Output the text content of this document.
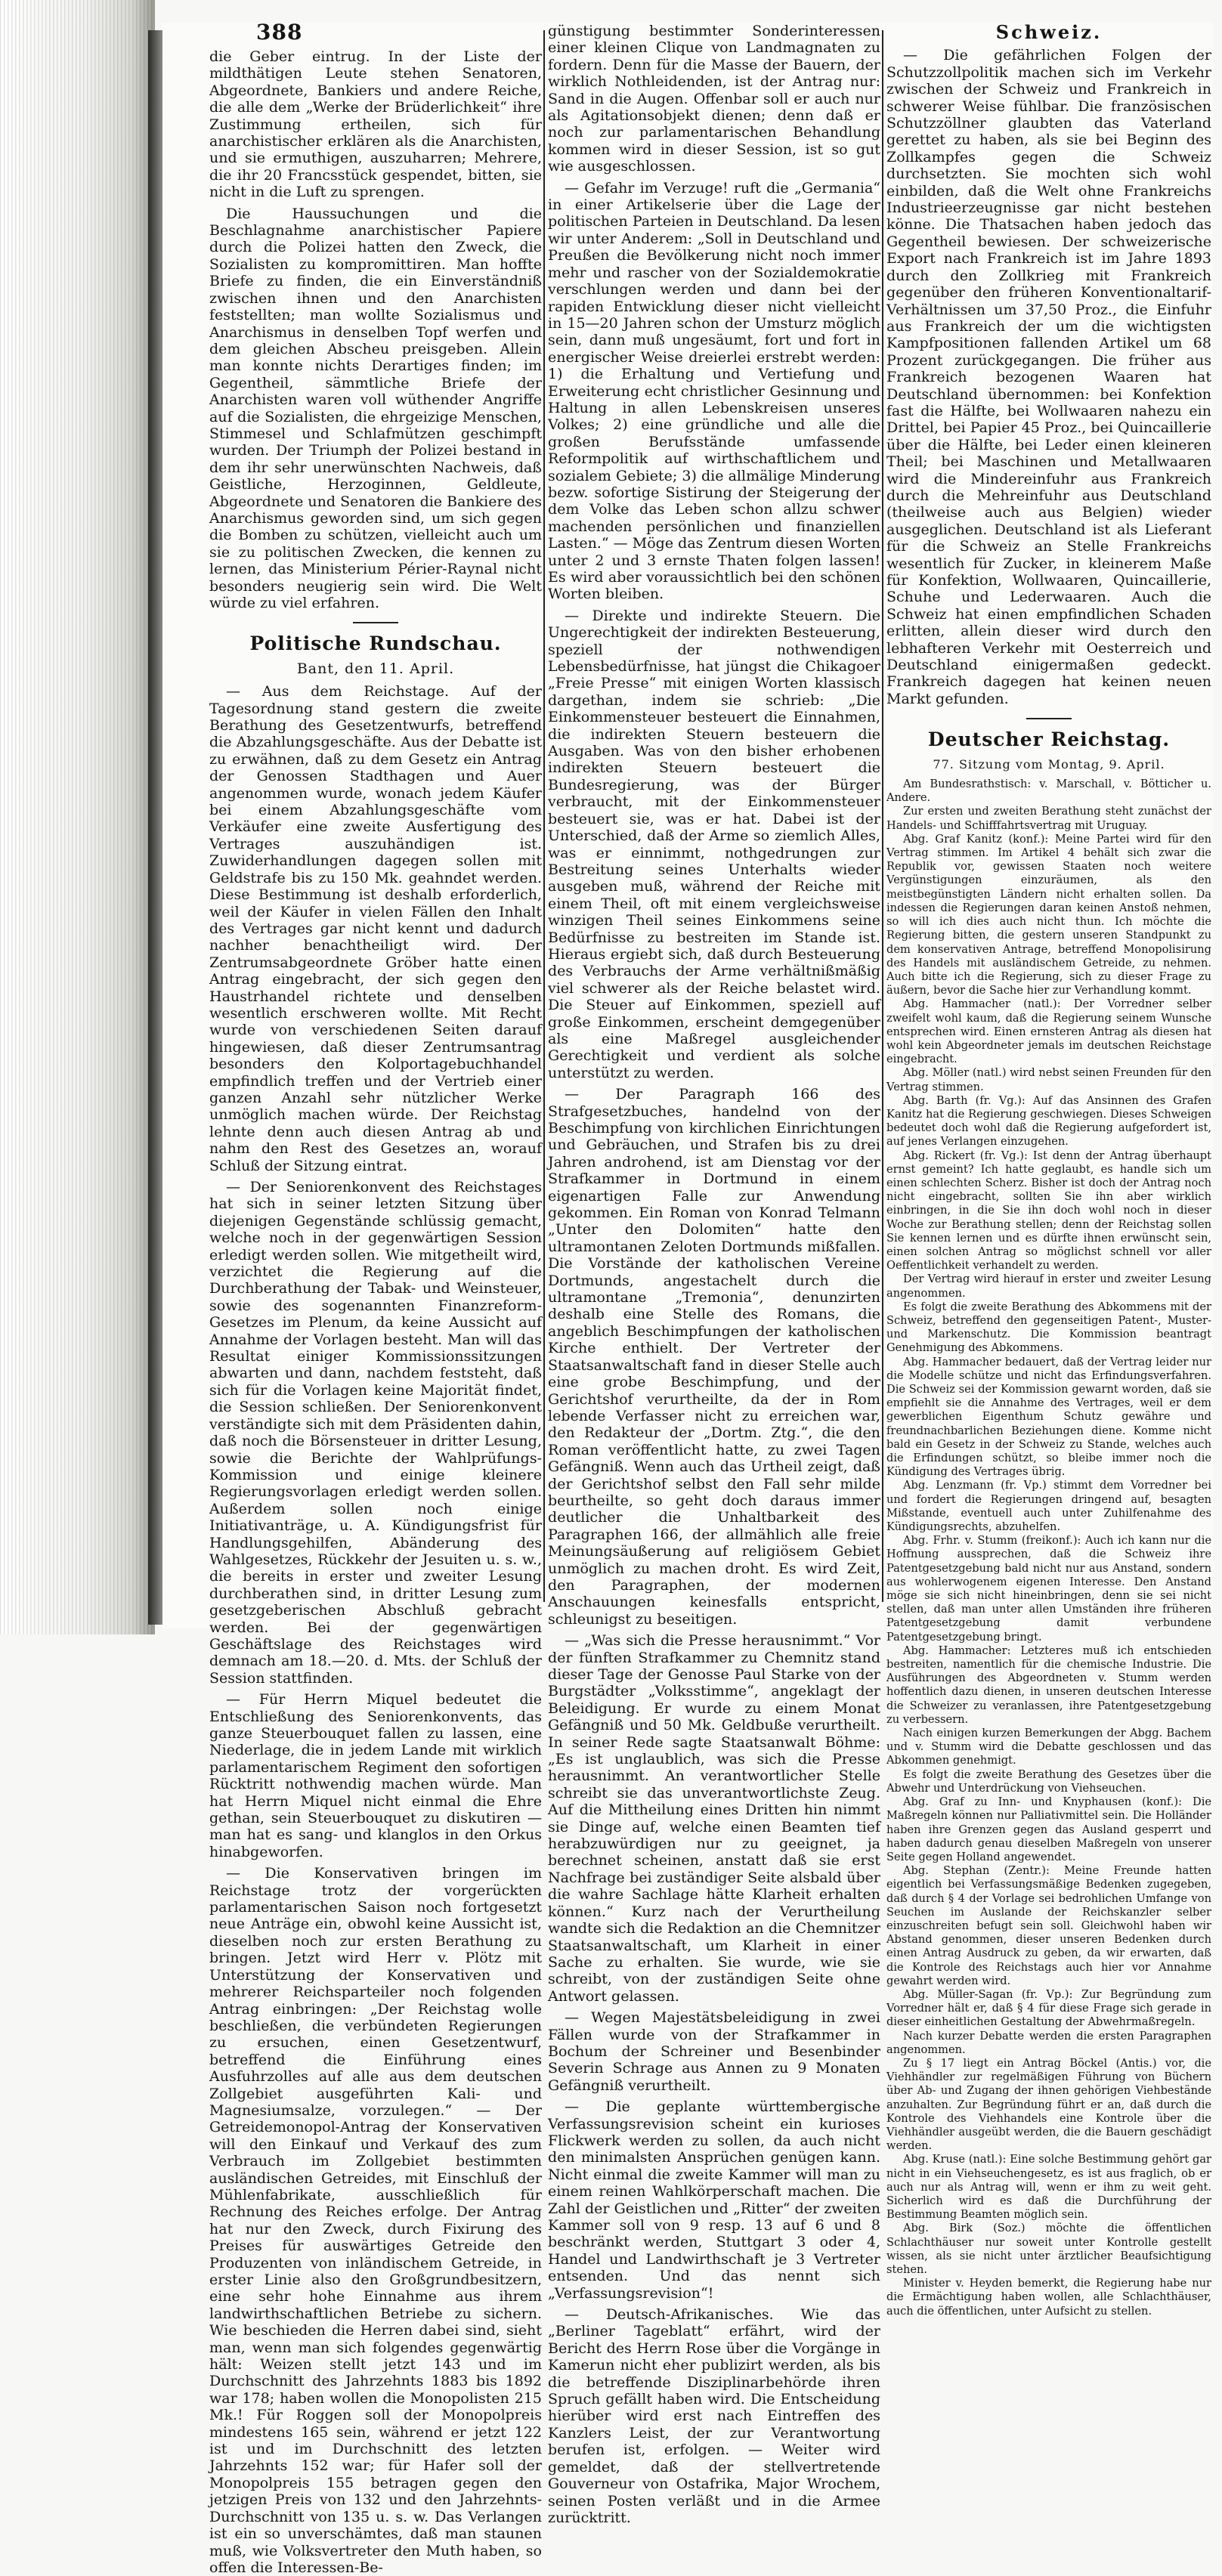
388

die Geber eintrug. In der Liste der mildthätigen Leute stehen Senatoren, Abgeordnete, Bankiers und andere Reiche, die alle dem „Werke der Brüderlichkeit“ ihre Zustimmung ertheilen, sich für anarchistischer erklären als die Anarchisten, und sie ermuthigen, auszuharren; Mehrere, die ihr 20 Francsstück gespendet, bitten, sie nicht in die Luft zu sprengen.

Die Haussuchungen und die Beschlagnahme anarchistischer Papiere durch die Polizei hatten den Zweck, die Sozialisten zu kompromittiren. Man hoffte Briefe zu finden, die ein Einverständniß zwischen ihnen und den Anarchisten feststellten; man wollte Sozialismus und Anarchismus in denselben Topf werfen und dem gleichen Abscheu preisgeben. Allein man konnte nichts Derartiges finden; im Gegentheil, sämmtliche Briefe der Anarchisten waren voll wüthender Angriffe auf die Sozialisten, die ehrgeizige Menschen, Stimmesel und Schlafmützen geschimpft wurden. Der Triumph der Polizei bestand in dem ihr sehr unerwünschten Nachweis, daß Geistliche, Herzoginnen, Geldleute, Abgeordnete und Senatoren die Bankiere des Anarchismus geworden sind, um sich gegen die Bomben zu schützen, vielleicht auch um sie zu politischen Zwecken, die kennen zu lernen, das Ministerium Périer-Raynal nicht besonders neugierig sein wird. Die Welt würde zu viel erfahren.

Politische Rundschau.
Bant, den 11. April.

— Aus dem Reichstage. Auf der Tagesordnung stand gestern die zweite Berathung des Gesetzentwurfs, betreffend die Abzahlungsgeschäfte. Aus der Debatte ist zu erwähnen, daß zu dem Gesetz ein Antrag der Genossen Stadthagen und Auer angenommen wurde, wonach jedem Käufer bei einem Abzahlungsgeschäfte vom Verkäufer eine zweite Ausfertigung des Vertrages auszuhändigen ist. Zuwiderhandlungen dagegen sollen mit Geldstrafe bis zu 150 Mk. geahndet werden. Diese Bestimmung ist deshalb erforderlich, weil der Käufer in vielen Fällen den Inhalt des Vertrages gar nicht kennt und dadurch nachher benachtheiligt wird. Der Zentrumsabgeordnete Gröber hatte einen Antrag eingebracht, der sich gegen den Haustrhandel richtete und denselben wesentlich erschweren wollte. Mit Recht wurde von verschiedenen Seiten darauf hingewiesen, daß dieser Zentrumsantrag besonders den Kolportagebuchhandel empfindlich treffen und der Vertrieb einer ganzen Anzahl sehr nützlicher Werke unmöglich machen würde. Der Reichstag lehnte denn auch diesen Antrag ab und nahm den Rest des Gesetzes an, worauf Schluß der Sitzung eintrat.

— Der Seniorenkonvent des Reichstages hat sich in seiner letzten Sitzung über diejenigen Gegenstände schlüssig gemacht, welche noch in der gegenwärtigen Session erledigt werden sollen. Wie mitgetheilt wird, verzichtet die Regierung auf die Durchberathung der Tabak- und Weinsteuer, sowie des sogenannten Finanzreform-Gesetzes im Plenum, da keine Aussicht auf Annahme der Vorlagen besteht. Man will das Resultat einiger Kommissionssitzungen abwarten und dann, nachdem feststeht, daß sich für die Vorlagen keine Majorität findet, die Session schließen. Der Seniorenkonvent verständigte sich mit dem Präsidenten dahin, daß noch die Börsensteuer in dritter Lesung, sowie die Berichte der Wahlprüfungs-Kommission und einige kleinere Regierungsvorlagen erledigt werden sollen. Außerdem sollen noch einige Initiativanträge, u. A. Kündigungsfrist für Handlungsgehilfen, Abänderung des Wahlgesetzes, Rückkehr der Jesuiten u. s. w., die bereits in erster und zweiter Lesung durchberathen sind, in dritter Lesung zum gesetzgeberischen Abschluß gebracht werden. Bei der gegenwärtigen Geschäftslage des Reichstages wird demnach am 18.—20. d. Mts. der Schluß der Session stattfinden.

— Für Herrn Miquel bedeutet die Entschließung des Seniorenkonvents, das ganze Steuerbouquet fallen zu lassen, eine Niederlage, die in jedem Lande mit wirklich parlamentarischem Regiment den sofortigen Rücktritt nothwendig machen würde. Man hat Herrn Miquel nicht einmal die Ehre gethan, sein Steuerbouquet zu diskutiren — man hat es sang- und klanglos in den Orkus hinabgeworfen.

— Die Konservativen bringen im Reichstage trotz der vorgerückten parlamentarischen Saison noch fortgesetzt neue Anträge ein, obwohl keine Aussicht ist, dieselben noch zur ersten Berathung zu bringen. Jetzt wird Herr v. Plötz mit Unterstützung der Konservativen und mehrerer Reichsparteiler noch folgenden Antrag einbringen: „Der Reichstag wolle beschließen, die verbündeten Regierungen zu ersuchen, einen Gesetzentwurf, betreffend die Einführung eines Ausfuhrzolles auf alle aus dem deutschen Zollgebiet ausgeführten Kali- und Magnesiumsalze, vorzulegen.“ — Der Getreidemonopol-Antrag der Konservativen will den Einkauf und Verkauf des zum Verbrauch im Zollgebiet bestimmten ausländischen Getreides, mit Einschluß der Mühlenfabrikate, ausschließlich für Rechnung des Reiches erfolge. Der Antrag hat nur den Zweck, durch Fixirung des Preises für auswärtiges Getreide den Produzenten von inländischem Getreide, in erster Linie also den Großgrundbesitzern, eine sehr hohe Einnahme aus ihrem landwirthschaftlichen Betriebe zu sichern. Wie beschieden die Herren dabei sind, sieht man, wenn man sich folgendes gegenwärtig hält: Weizen stellt jetzt 143 und im Durchschnitt des Jahrzehnts 1883 bis 1892 war 178; haben wollen die Monopolisten 215 Mk.! Für Roggen soll der Monopolpreis mindestens 165 sein, während er jetzt 122 ist und im Durchschnitt des letzten Jahrzehnts 152 war; für Hafer soll der Monopolpreis 155 betragen gegen den jetzigen Preis von 132 und den Jahrzehnts-Durchschnitt von 135 u. s. w. Das Verlangen ist ein so unverschämtes, daß man staunen muß, wie Volksvertreter den Muth haben, so offen die Interessen-Be-

günstigung bestimmter Sonderinteressen einer kleinen Clique von Landmagnaten zu fordern. Denn für die Masse der Bauern, der wirklich Nothleidenden, ist der Antrag nur: Sand in die Augen. Offenbar soll er auch nur als Agitationsobjekt dienen; denn daß er noch zur parlamentarischen Behandlung kommen wird in dieser Session, ist so gut wie ausgeschlossen.

— Gefahr im Verzuge! ruft die „Germania“ in einer Artikelserie über die Lage der politischen Parteien in Deutschland. Da lesen wir unter Anderem: „Soll in Deutschland und Preußen die Bevölkerung nicht noch immer mehr und rascher von der Sozialdemokratie verschlungen werden und dann bei der rapiden Entwicklung dieser nicht vielleicht in 15—20 Jahren schon der Umsturz möglich sein, dann muß ungesäumt, fort und fort in energischer Weise dreierlei erstrebt werden: 1) die Erhaltung und Vertiefung und Erweiterung echt christlicher Gesinnung und Haltung in allen Lebenskreisen unseres Volkes; 2) eine gründliche und alle die großen Berufsstände umfassende Reformpolitik auf wirthschaftlichem und sozialem Gebiete; 3) die allmälige Minderung bezw. sofortige Sistirung der Steigerung der dem Volke das Leben schon allzu schwer machenden persönlichen und finanziellen Lasten.“ — Möge das Zentrum diesen Worten unter 2 und 3 ernste Thaten folgen lassen! Es wird aber voraussichtlich bei den schönen Worten bleiben.

— Direkte und indirekte Steuern. Die Ungerechtigkeit der indirekten Besteuerung, speziell der nothwendigen Lebensbedürfnisse, hat jüngst die Chikagoer „Freie Presse“ mit einigen Worten klassisch dargethan, indem sie schrieb: „Die Einkommensteuer besteuert die Einnahmen, die indirekten Steuern besteuern die Ausgaben. Was von den bisher erhobenen indirekten Steuern besteuert die Bundesregierung, was der Bürger verbraucht, mit der Einkommensteuer besteuert sie, was er hat. Dabei ist der Unterschied, daß der Arme so ziemlich Alles, was er einnimmt, nothgedrungen zur Bestreitung seines Unterhalts wieder ausgeben muß, während der Reiche mit einem Theil, oft mit einem vergleichsweise winzigen Theil seines Einkommens seine Bedürfnisse zu bestreiten im Stande ist. Hieraus ergiebt sich, daß durch Besteuerung des Verbrauchs der Arme verhältnißmäßig viel schwerer als der Reiche belastet wird. Die Steuer auf Einkommen, speziell auf große Einkommen, erscheint demgegenüber als eine Maßregel ausgleichender Gerechtigkeit und verdient als solche unterstützt zu werden.

— Der Paragraph 166 des Strafgesetzbuches, handelnd von der Beschimpfung von kirchlichen Einrichtungen und Gebräuchen, und Strafen bis zu drei Jahren androhend, ist am Dienstag vor der Strafkammer in Dortmund in einem eigenartigen Falle zur Anwendung gekommen. Ein Roman von Konrad Telmann „Unter den Dolomiten“ hatte den ultramontanen Zeloten Dortmunds mißfallen. Die Vorstände der katholischen Vereine Dortmunds, angestachelt durch die ultramontane „Tremonia“, denunzirten deshalb eine Stelle des Romans, die angeblich Beschimpfungen der katholischen Kirche enthielt. Der Vertreter der Staatsanwaltschaft fand in dieser Stelle auch eine grobe Beschimpfung, und der Gerichtshof verurtheilte, da der in Rom lebende Verfasser nicht zu erreichen war, den Redakteur der „Dortm. Ztg.“, die den Roman veröffentlicht hatte, zu zwei Tagen Gefängniß. Wenn auch das Urtheil zeigt, daß der Gerichtshof selbst den Fall sehr milde beurtheilte, so geht doch daraus immer deutlicher die Unhaltbarkeit des Paragraphen 166, der allmählich alle freie Meinungsäußerung auf religiösem Gebiet unmöglich zu machen droht. Es wird Zeit, den Paragraphen, der modernen Anschauungen keinesfalls entspricht, schleunigst zu beseitigen.

— „Was sich die Presse herausnimmt.“ Vor der fünften Strafkammer zu Chemnitz stand dieser Tage der Genosse Paul Starke von der Burgstädter „Volksstimme“, angeklagt der Beleidigung. Er wurde zu einem Monat Gefängniß und 50 Mk. Geldbuße verurtheilt. In seiner Rede sagte Staatsanwalt Böhme: „Es ist unglaublich, was sich die Presse herausnimmt. An verantwortlicher Stelle schreibt sie das unverantwortlichste Zeug. Auf die Mittheilung eines Dritten hin nimmt sie Dinge auf, welche einen Beamten tief herabzuwürdigen nur zu geeignet, ja berechnet scheinen, anstatt daß sie erst Nachfrage bei zuständiger Seite alsbald über die wahre Sachlage hätte Klarheit erhalten können.“ Kurz nach der Verurtheilung wandte sich die Redaktion an die Chemnitzer Staatsanwaltschaft, um Klarheit in einer Sache zu erhalten. Sie wurde, wie sie schreibt, von der zuständigen Seite ohne Antwort gelassen.

— Wegen Majestätsbeleidigung in zwei Fällen wurde von der Strafkammer in Bochum der Schreiner und Besenbinder Severin Schrage aus Annen zu 9 Monaten Gefängniß verurtheilt.

— Die geplante württembergische Verfassungsrevision scheint ein kurioses Flickwerk werden zu sollen, da auch nicht den minimalsten Ansprüchen genügen kann. Nicht einmal die zweite Kammer will man zu einem reinen Wahlkörperschaft machen. Die Zahl der Geistlichen und „Ritter“ der zweiten Kammer soll von 9 resp. 13 auf 6 und 8 beschränkt werden, Stuttgart 3 oder 4, Handel und Landwirthschaft je 3 Vertreter entsenden. Und das nennt sich „Verfassungsrevision“!

— Deutsch-Afrikanisches. Wie das „Berliner Tageblatt“ erfährt, wird der Bericht des Herrn Rose über die Vorgänge in Kamerun nicht eher publizirt werden, als bis die betreffende Disziplinarbehörde ihren Spruch gefällt haben wird. Die Entscheidung hierüber wird erst nach Eintreffen des Kanzlers Leist, der zur Verantwortung berufen ist, erfolgen. — Weiter wird gemeldet, daß der stellvertretende Gouverneur von Ostafrika, Major Wrochem, seinen Posten verläßt und in die Armee zurücktritt.

Schweiz.

— Die gefährlichen Folgen der Schutzzollpolitik machen sich im Verkehr zwischen der Schweiz und Frankreich in schwerer Weise fühlbar. Die französischen Schutzzöllner glaubten das Vaterland gerettet zu haben, als sie bei Beginn des Zollkampfes gegen die Schweiz durchsetzten. Sie mochten sich wohl einbilden, daß die Welt ohne Frankreichs Industrieerzeugnisse gar nicht bestehen könne. Die Thatsachen haben jedoch das Gegentheil bewiesen. Der schweizerische Export nach Frankreich ist im Jahre 1893 durch den Zollkrieg mit Frankreich gegenüber den früheren Konventionaltarif-Verhältnissen um 37,50 Proz., die Einfuhr aus Frankreich der um die wichtigsten Kampfpositionen fallenden Artikel um 68 Prozent zurückgegangen. Die früher aus Frankreich bezogenen Waaren hat Deutschland übernommen: bei Konfektion fast die Hälfte, bei Wollwaaren nahezu ein Drittel, bei Papier 45 Proz., bei Quincaillerie über die Hälfte, bei Leder einen kleineren Theil; bei Maschinen und Metallwaaren wird die Mindereinfuhr aus Frankreich durch die Mehreinfuhr aus Deutschland (theilweise auch aus Belgien) wieder ausgeglichen. Deutschland ist als Lieferant für die Schweiz an Stelle Frankreichs wesentlich für Zucker, in kleinerem Maße für Konfektion, Wollwaaren, Quincaillerie, Schuhe und Lederwaaren. Auch die Schweiz hat einen empfindlichen Schaden erlitten, allein dieser wird durch den lebhafteren Verkehr mit Oesterreich und Deutschland einigermaßen gedeckt. Frankreich dagegen hat keinen neuen Markt gefunden.

Deutscher Reichstag.
77. Sitzung vom Montag, 9. April.

Am Bundesrathstisch: v. Marschall, v. Bötticher u. Andere.

Zur ersten und zweiten Berathung steht zunächst der Handels- und Schifffahrtsvertrag mit Uruguay.

Abg. Graf Kanitz (konf.): Meine Partei wird für den Vertrag stimmen. Im Artikel 4 behält sich zwar die Republik vor, gewissen Staaten noch weitere Vergünstigungen einzuräumen, als den meistbegünstigten Ländern nicht erhalten sollen. Da indessen die Regierungen daran keinen Anstoß nehmen, so will ich dies auch nicht thun. Ich möchte die Regierung bitten, die gestern unseren Standpunkt zu dem konservativen Antrage, betreffend Monopolisirung des Handels mit ausländischem Getreide, zu nehmen. Auch bitte ich die Regierung, sich zu dieser Frage zu äußern, bevor die Sache hier zur Verhandlung kommt.

Abg. Hammacher (natl.): Der Vorredner selber zweifelt wohl kaum, daß die Regierung seinem Wunsche entsprechen wird. Einen ernsteren Antrag als diesen hat wohl kein Abgeordneter jemals im deutschen Reichstage eingebracht.

Abg. Möller (natl.) wird nebst seinen Freunden für den Vertrag stimmen.

Abg. Barth (fr. Vg.): Auf das Ansinnen des Grafen Kanitz hat die Regierung geschwiegen. Dieses Schweigen bedeutet doch wohl daß die Regierung aufgefordert ist, auf jenes Verlangen einzugehen.

Abg. Rickert (fr. Vg.): Ist denn der Antrag überhaupt ernst gemeint? Ich hatte geglaubt, es handle sich um einen schlechten Scherz. Bisher ist doch der Antrag noch nicht eingebracht, sollten Sie ihn aber wirklich einbringen, in die Sie ihn doch wohl noch in dieser Woche zur Berathung stellen; denn der Reichstag sollen Sie kennen lernen und es dürfte ihnen erwünscht sein, einen solchen Antrag so möglichst schnell vor aller Oeffentlichkeit verhandelt zu werden.

Der Vertrag wird hierauf in erster und zweiter Lesung angenommen.

Es folgt die zweite Berathung des Abkommens mit der Schweiz, betreffend den gegenseitigen Patent-, Muster- und Markenschutz. Die Kommission beantragt Genehmigung des Abkommens.

Abg. Hammacher bedauert, daß der Vertrag leider nur die Modelle schütze und nicht das Erfindungsverfahren. Die Schweiz sei der Kommission gewarnt worden, daß sie empfiehlt sie die Annahme des Vertrages, weil er dem gewerblichen Eigenthum Schutz gewähre und freundnachbarlichen Beziehungen diene. Komme nicht bald ein Gesetz in der Schweiz zu Stande, welches auch die Erfindungen schützt, so bleibe immer noch die Kündigung des Vertrages übrig.

Abg. Lenzmann (fr. Vp.) stimmt dem Vorredner bei und fordert die Regierungen dringend auf, besagten Mißstande, eventuell auch unter Zuhilfenahme des Kündigungsrechts, abzuhelfen.

Abg. Frhr. v. Stumm (freikonf.): Auch ich kann nur die Hoffnung aussprechen, daß die Schweiz ihre Patentgesetzgebung bald nicht nur aus Anstand, sondern aus wohlerwogenem eigenen Interesse. Den Anstand möge sie sich nicht hineinbringen, denn sie sei nicht stellen, daß man unter allen Umständen ihre früheren Patentgesetzgebung damit verbundene Patentgesetzgebung bringt.

Abg. Hammacher: Letzteres muß ich entschieden bestreiten, namentlich für die chemische Industrie. Die Ausführungen des Abgeordneten v. Stumm werden hoffentlich dazu dienen, in unseren deutschen Interesse die Schweizer zu veranlassen, ihre Patentgesetzgebung zu verbessern.

Nach einigen kurzen Bemerkungen der Abgg. Bachem und v. Stumm wird die Debatte geschlossen und das Abkommen genehmigt.

Es folgt die zweite Berathung des Gesetzes über die Abwehr und Unterdrückung von Viehseuchen.

Abg. Graf zu Inn- und Knyphausen (konf.): Die Maßregeln können nur Palliativmittel sein. Die Holländer haben ihre Grenzen gegen das Ausland gesperrt und haben dadurch genau dieselben Maßregeln von unserer Seite gegen Holland angewendet.

Abg. Stephan (Zentr.): Meine Freunde hatten eigentlich bei Verfassungsmäßige Bedenken zugegeben, daß durch § 4 der Vorlage sei bedrohlichen Umfange von Seuchen im Auslande der Reichskanzler selber einzuschreiten befugt sein soll. Gleichwohl haben wir Abstand genommen, dieser unseren Bedenken durch einen Antrag Ausdruck zu geben, da wir erwarten, daß die Kontrole des Reichstags auch hier vor Annahme gewahrt werden wird.

Abg. Müller-Sagan (fr. Vp.): Zur Begründung zum Vorredner hält er, daß § 4 für diese Frage sich gerade in dieser einheitlichen Gestaltung der Abwehrmaßregeln.

Nach kurzer Debatte werden die ersten Paragraphen angenommen.

Zu § 17 liegt ein Antrag Böckel (Antis.) vor, die Viehhändler zur regelmäßigen Führung von Büchern über Ab- und Zugang der ihnen gehörigen Viehbestände anzuhalten. Zur Begründung führt er an, daß durch die Kontrole des Viehhandels eine Kontrole über die Viehhändler ausgeübt werden, die die Bauern geschädigt werden.

Abg. Kruse (natl.): Eine solche Bestimmung gehört gar nicht in ein Viehseuchengesetz, es ist aus fraglich, ob er auch nur als Antrag will, wenn er ihm zu weit geht. Sicherlich wird es daß die Durchführung der Bestimmung Beamten möglich sein.

Abg. Birk (Soz.) möchte die öffentlichen Schlachthäuser nur soweit unter Kontrolle gestellt wissen, als sie nicht unter ärztlicher Beaufsichtigung stehen.

Minister v. Heyden bemerkt, die Regierung habe nur die Ermächtigung haben wollen, alle Schlachthäuser, auch die öffentlichen, unter Aufsicht zu stellen.
